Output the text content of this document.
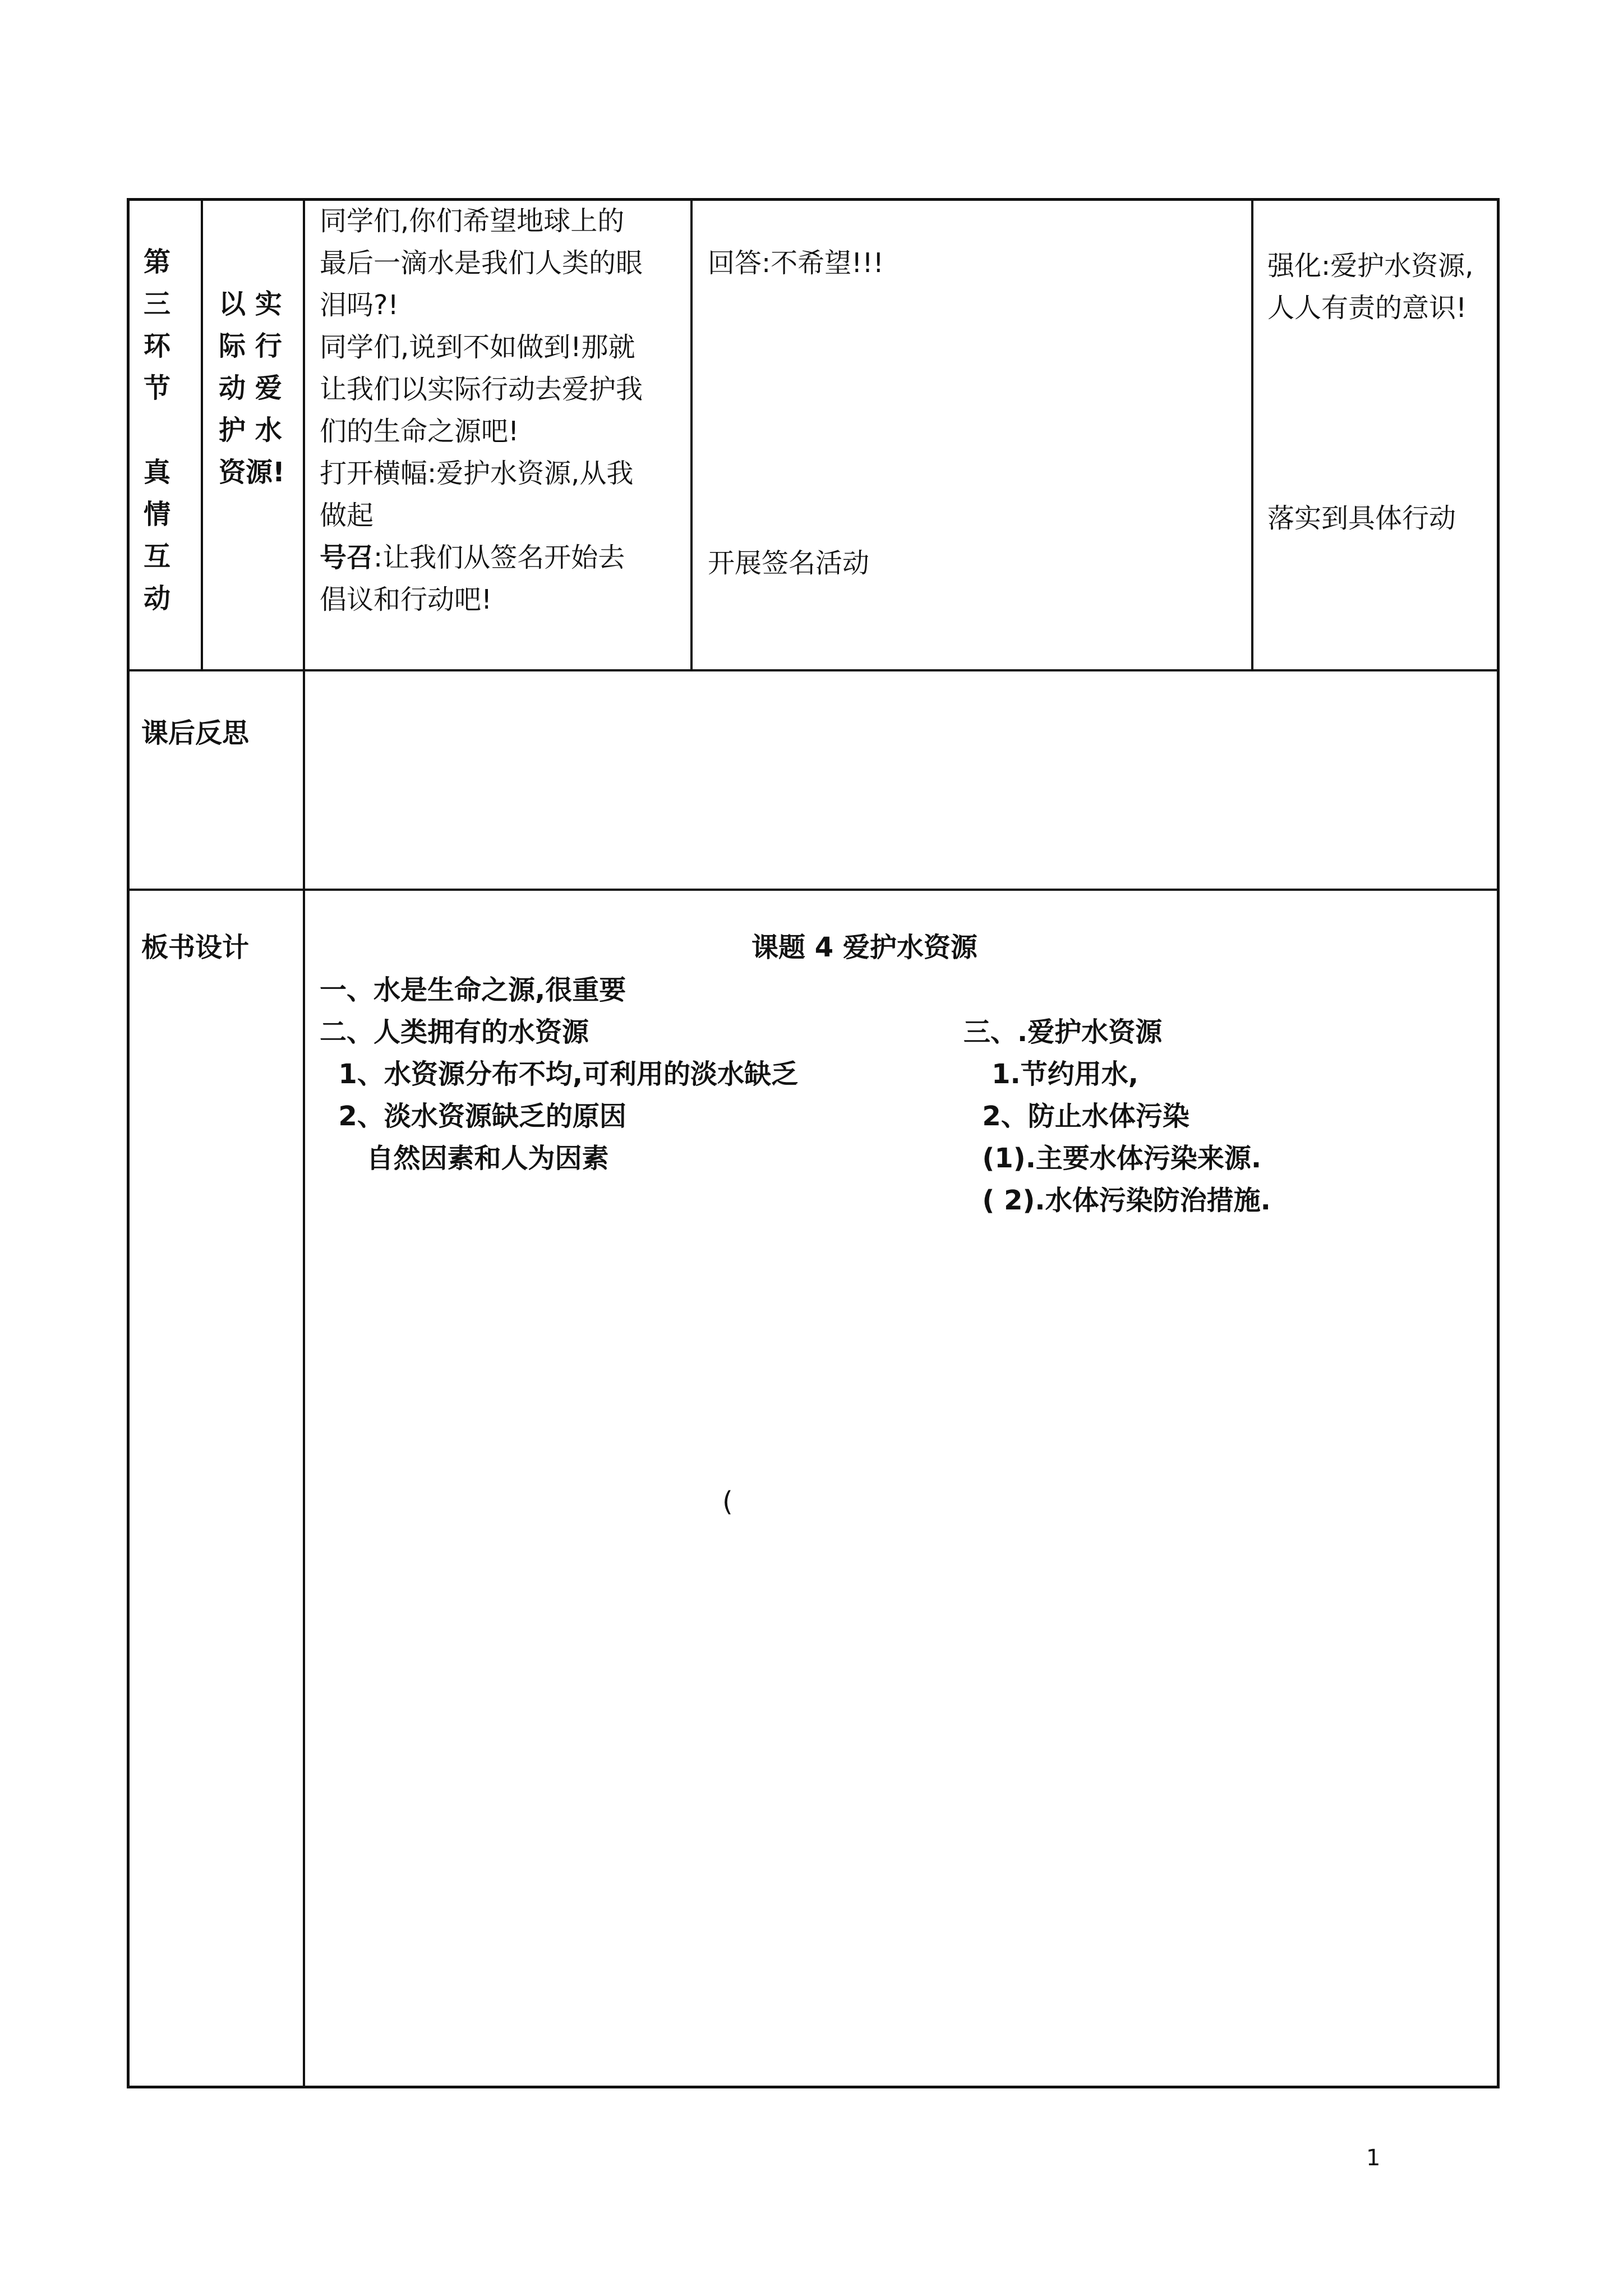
第
三
环
节
真
情
互
动
以 实
际 行
动 爱
护 水
资源!
同学们,你们希望地球上的
最后一滴水是我们人类的眼
泪吗?!
同学们,说到不如做到!那就
让我们以实际行动去爱护我
们的生命之源吧!
打开横幅:爱护水资源,从我
做起
号召:让我们从签名开始去
倡议和行动吧!
回答:不希望!!!
开展签名活动
强化:爱护水资源,
人人有责的意识!
落实到具体行动
课后反思
板书设计	课题 4 爱护水资源
一、水是生命之源,很重要
二、人类拥有的水资源
1、水资源分布不均,可利用的淡水缺乏
2、淡水资源缺乏的原因
自然因素和人为因素
三、.爱护水资源
1.节约用水,
2、防止水体污染
(1).主要水体污染来源.
( 2).水体污染防治措施.
(
1
